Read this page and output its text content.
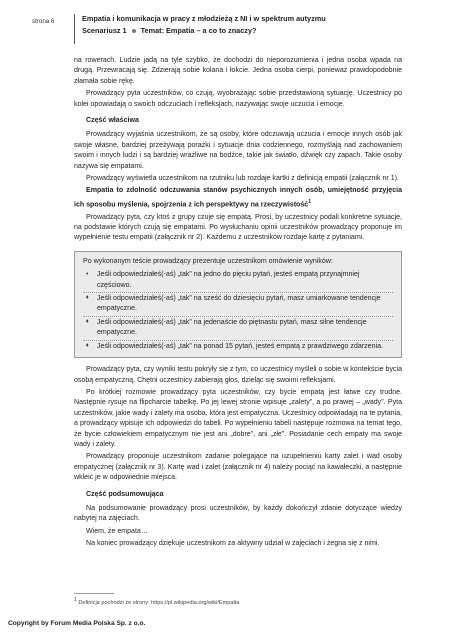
strona 6	Empatia i komunikacja w pracy z młodzieżą z NI i w spektrum autyzmu
Scenariusz 1 Temat: Empatia – a co to znaczy?

na rowerach. Ludzie jadą na tyle szybko, że dochodzi do nieporozumienia i jedna osoba wpada na drugą. Przewracają się. Zdzierają sobie kolana i łokcie. Jedna osoba cierpi, ponieważ prawdopodobnie złamała sobie rękę.

Prowadzący pyta uczestników, co czują, wyobrażając sobie przedstawioną sytuację. Uczestnicy po kolei opowiadają o swoich odczuciach i refleksjach, nazywając swoje uczucia i emocje.

Część właściwa

Prowadzący wyjaśnia uczestnikom, że są osoby, które odczuwają uczucia i emocje innych osób jak swoje własne, bardziej przeżywają porażki i sytuacje dnia codziennego, rozmyślają nad zachowaniem swoim i innych ludzi i są bardziej wrażliwe na bodźce, takie jak światło, dźwięk czy zapach. Takie osoby nazywa się empatami.

Prowadzący wyświetla uczestnikom na rzutniku lub rozdaje kartki z definicją empatii (załącznik nr 1).

Empatia to zdolność odczuwania stanów psychicznych innych osób, umiejętność przyjęcia ich sposobu myślenia, spojrzenia z ich perspektywy na rzeczywistość$^1$

Prowadzący pyta, czy ktoś z grupy czuje się empatą. Prosi, by uczestnicy podali konkretne sytuacje, na podstawie których czują się empatami. Po wysłuchaniu opinii uczestników prowadzący proponuje im wypełnienie testu empatii (załącznik nr 2). Każdemu z uczestników rozdaje kartę z pytaniami.

Po wykonanym teście prowadzący prezentuje uczestnikom omówienie wyników:
• Jeśli odpowiedziałeś(-aś) „tak” na jedno do pięciu pytań, jesteś empatą przynajmniej częściowo.
•
• Jeśli odpowiedziałeś(-aś) „tak” na sześć do dziesięciu pytań, masz umiarkowane tendencje empatyczne.
•
• Jeśli odpowiedziałeś(-aś) „tak” na jedenaście do piętnastu pytań, masz silne tendencje empatyczne.
•
• Jeśli odpowiedziałeś(-aś) „tak” na ponad 15 pytań, jesteś empatą z prawdziwego zdarzenia.

Prowadzący pyta, czy wyniki testu pokryły się z tym, co uczestnicy myśleli o sobie w kontekście bycia osobą empatyczną. Chętni uczestnicy zabierają głos, dzieląc się swoimi refleksjami.

Po krótkiej rozmowie prowadzący pyta uczestników, czy bycie empatą jest łatwe czy trudne. Następnie rysuje na flipcharcie tabelkę. Po jej lewej stronie wpisuje „zalety”, a po prawej – „wady”. Pyta uczestników, jakie wady i zalety ma osoba, która jest empatyczna. Uczestnicy odpowiadają na te pytania, a prowadzący wpisuje ich odpowiedzi do tabeli. Po wypełnieniu tabeli następuje rozmowa na temat tego, że bycie człowiekiem empatycznym nie jest ani „dobre”, ani „złe”. Posiadanie cech empaty ma swoje wady i zalety.

Prowadzący proponuje uczestnikom zadanie polegające na uzupełnieniu karty zalet i wad osoby empatycznej (załącznik nr 3). Kartę wad i zalet (załącznik nr 4) należy pociąć na kawałeczki, a następnie wkleić je w odpowiednie miejsca.

Część podsumowująca

Na podsumowanie prowadzący prosi uczestników, by każdy dokończył zdanie dotyczące wiedzy nabytej na zajęciach.

Wiem, że empata…

Na koniec prowadzący dziękuje uczestnikom za aktywny udział w zajęciach i żegna się z nimi.

$^1$ Definicja pochodzi ze strony: https://pl.wikipedia.org/wiki/Empatia
Copyright by Forum Media Polska Sp. z o.o.
